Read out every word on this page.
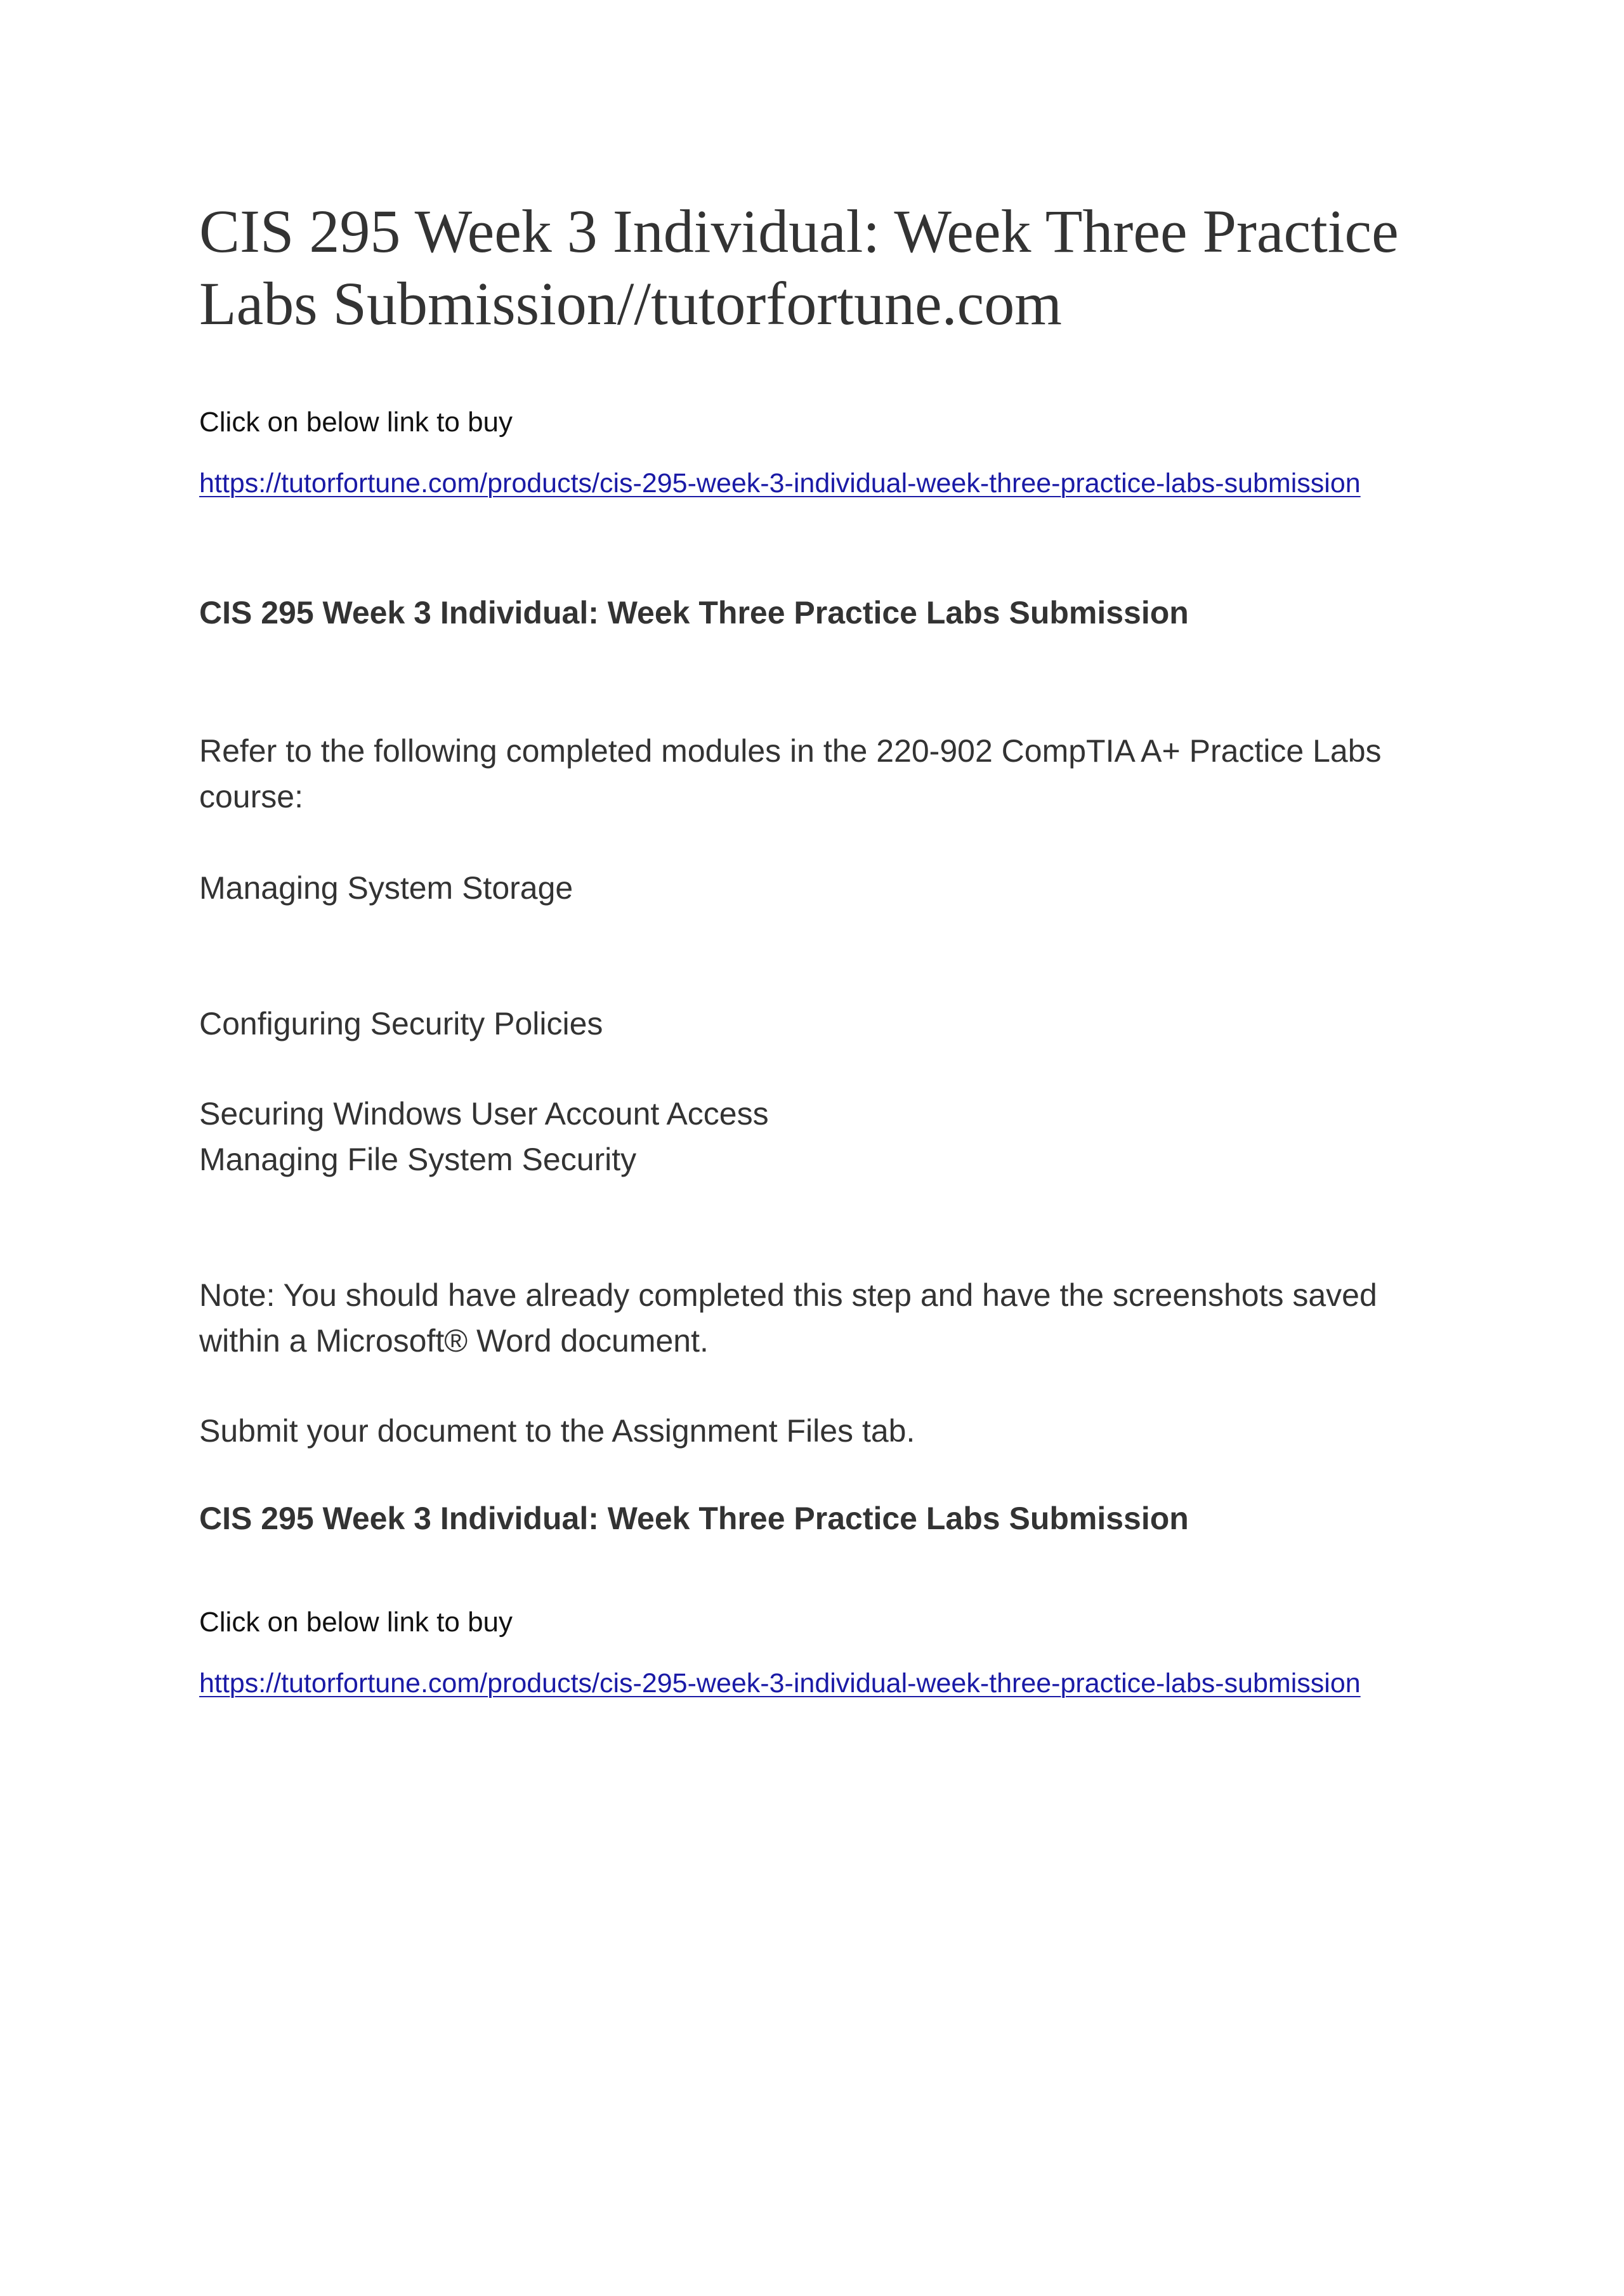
CIS 295 Week 3 Individual: Week Three Practice Labs Submission//tutorfortune.com

Click on below link to buy

https://tutorfortune.com/products/cis-295-week-3-individual-week-three-practice-labs-submission

CIS 295 Week 3 Individual: Week Three Practice Labs Submission

Refer to the following completed modules in the 220-902 CompTIA A+ Practice Labs course:

Managing System Storage

Configuring Security Policies

Securing Windows User Account Access

Managing File System Security

Note: You should have already completed this step and have the screenshots saved within a Microsoft® Word document.

Submit your document to the Assignment Files tab.

CIS 295 Week 3 Individual: Week Three Practice Labs Submission

Click on below link to buy

https://tutorfortune.com/products/cis-295-week-3-individual-week-three-practice-labs-submission
